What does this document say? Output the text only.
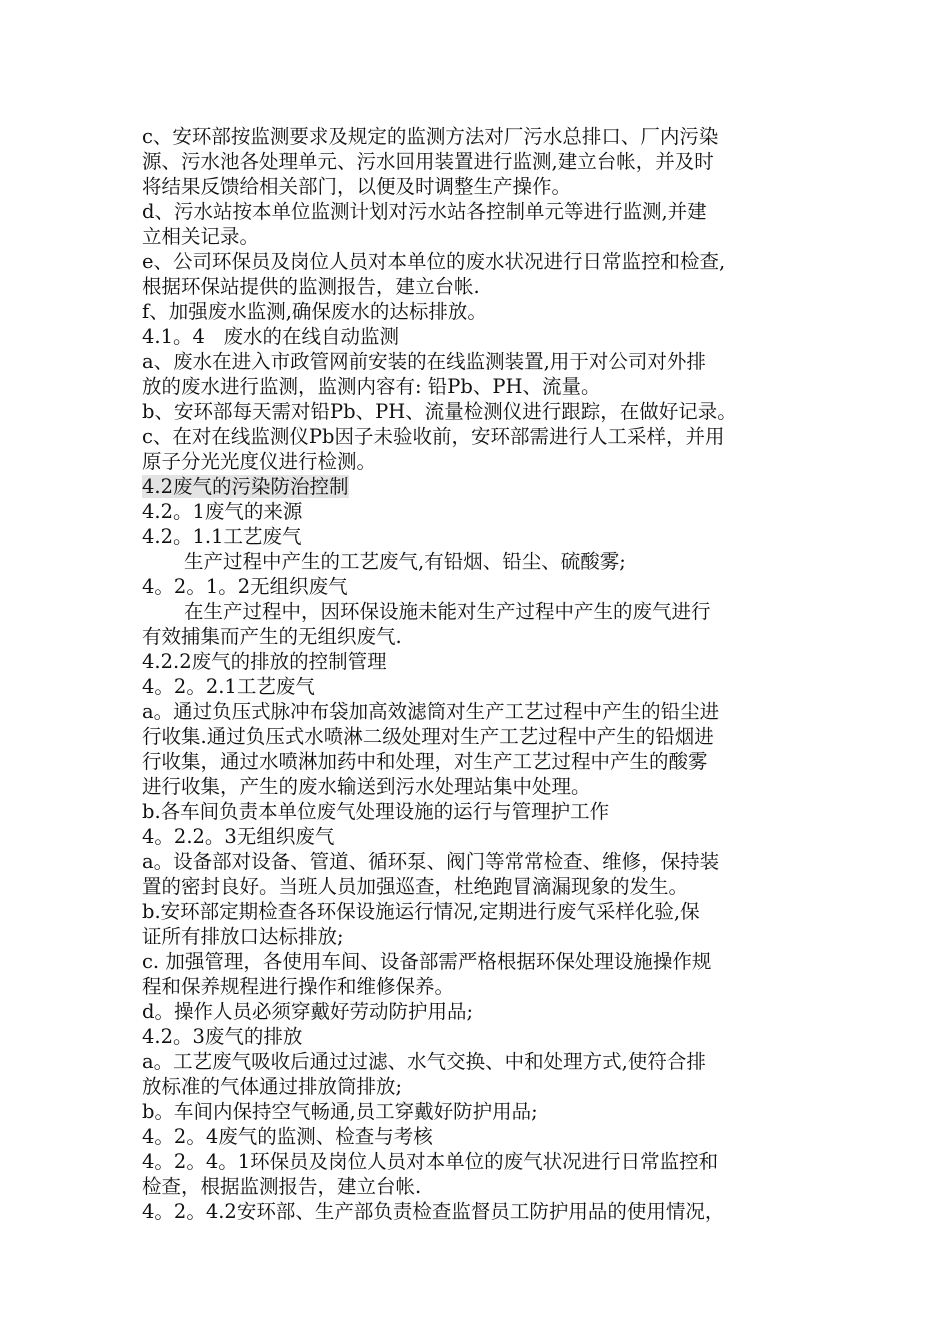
c、安环部按监测要求及规定的监测方法对厂污水总排口、厂内污染
源、污水池各处理单元、污水回用装置进行监测,建立台帐，并及时
将结果反馈给相关部门，以便及时调整生产操作。
d、污水站按本单位监测计划对污水站各控制单元等进行监测,并建
立相关记录。
e、公司环保员及岗位人员对本单位的废水状况进行日常监控和检查,
根据环保站提供的监测报告，建立台帐.
f、加强废水监测,确保废水的达标排放。
4.1。4   废水的在线自动监测
a、废水在进入市政管网前安装的在线监测装置,用于对公司对外排
放的废水进行监测，监测内容有: 铅Pb、PH、流量。
b、安环部每天需对铅Pb、PH、流量检测仪进行跟踪，在做好记录。
c、在对在线监测仪Pb因子未验收前，安环部需进行人工采样，并用
原子分光光度仪进行检测。
4.2废气的污染防治控制
4.2。1废气的来源
4.2。1.1工艺废气
生产过程中产生的工艺废气,有铅烟、铅尘、硫酸雾;
4。2。1。2无组织废气
在生产过程中，因环保设施未能对生产过程中产生的废气进行
有效捕集而产生的无组织废气.
4.2.2废气的排放的控制管理
4。2。2.1工艺废气
a。通过负压式脉冲布袋加高效滤筒对生产工艺过程中产生的铅尘进
行收集.通过负压式水喷淋二级处理对生产工艺过程中产生的铅烟进
行收集，通过水喷淋加药中和处理，对生产工艺过程中产生的酸雾
进行收集，产生的废水输送到污水处理站集中处理。
b.各车间负责本单位废气处理设施的运行与管理护工作
4。2.2。3无组织废气
a。设备部对设备、管道、循环泵、阀门等常常检查、维修，保持装
置的密封良好。当班人员加强巡查，杜绝跑冒滴漏现象的发生。
b.安环部定期检查各环保设施运行情况,定期进行废气采样化验,保
证所有排放口达标排放;
c. 加强管理，各使用车间、设备部需严格根据环保处理设施操作规
程和保养规程进行操作和维修保养。
d。操作人员必须穿戴好劳动防护用品;
4.2。3废气的排放
a。工艺废气吸收后通过过滤、水气交换、中和处理方式,使符合排
放标准的气体通过排放筒排放;
b。车间内保持空气畅通,员工穿戴好防护用品;
4。2。4废气的监测、检查与考核
4。2。4。1环保员及岗位人员对本单位的废气状况进行日常监控和
检查，根据监测报告，建立台帐.
4。2。4.2安环部、生产部负责检查监督员工防护用品的使用情况，
